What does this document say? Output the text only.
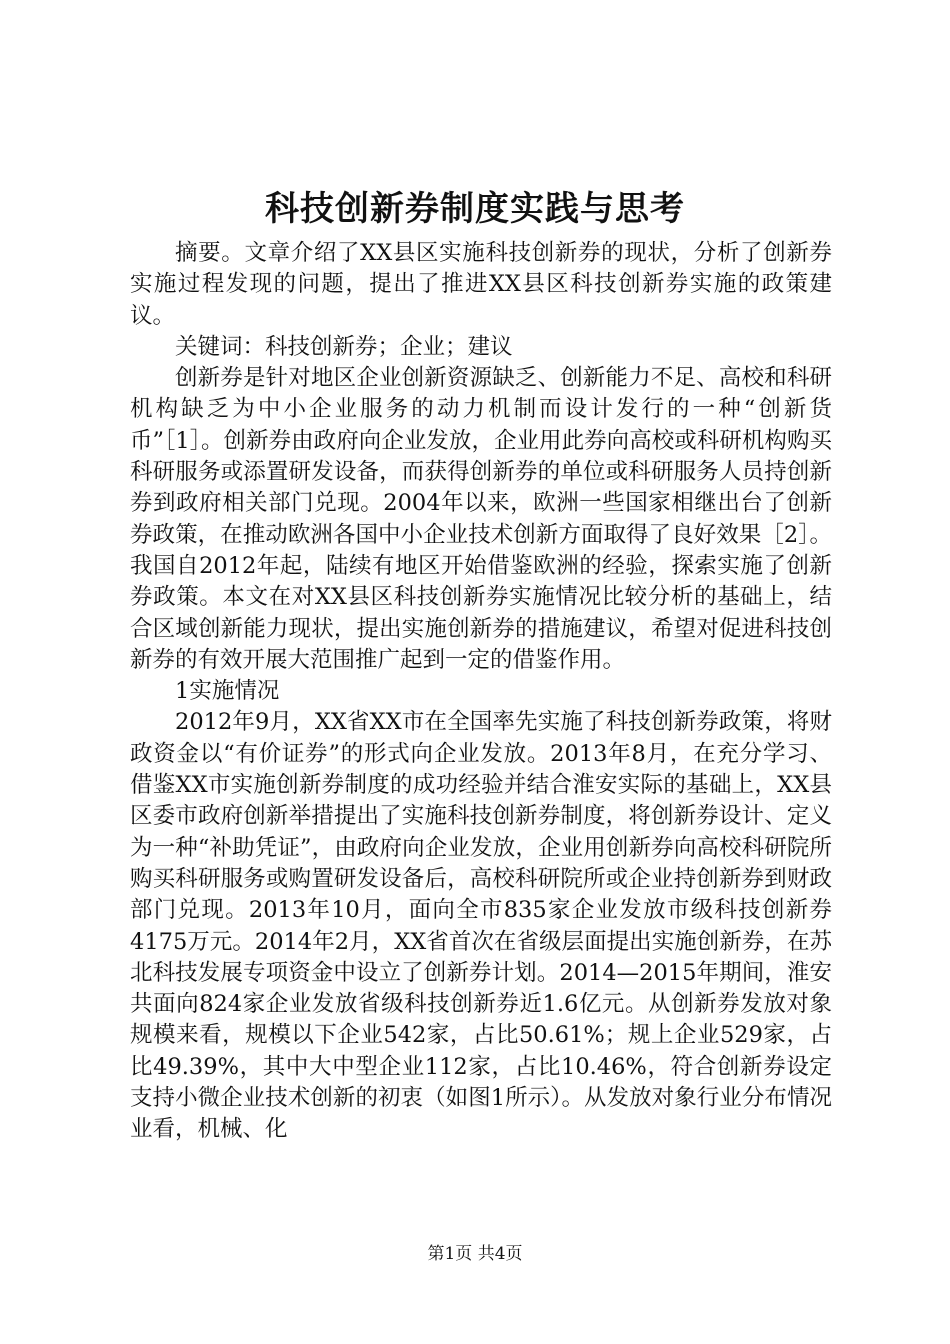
科技创新券制度实践与思考

摘要。文章介绍了XX县区实施科技创新券的现状，分析了创新券实施过程发现的问题，提出了推进XX县区科技创新券实施的政策建议。

关键词：科技创新券；企业；建议

创新券是针对地区企业创新资源缺乏、创新能力不足、高校和科研机构缺乏为中小企业服务的动力机制而设计发行的一种“创新货币”［1］。创新券由政府向企业发放，企业用此券向高校或科研机构购买科研服务或添置研发设备，而获得创新券的单位或科研服务人员持创新券到政府相关部门兑现。2004年以来，欧洲一些国家相继出台了创新券政策，在推动欧洲各国中小企业技术创新方面取得了良好效果［2］。我国自2012年起，陆续有地区开始借鉴欧洲的经验，探索实施了创新券政策。本文在对XX县区科技创新券实施情况比较分析的基础上，结合区域创新能力现状，提出实施创新券的措施建议，希望对促进科技创新券的有效开展大范围推广起到一定的借鉴作用。

1实施情况

2012年9月，XX省XX市在全国率先实施了科技创新券政策，将财政资金以“有价证券”的形式向企业发放。2013年8月，在充分学习、借鉴XX市实施创新券制度的成功经验并结合淮安实际的基础上，XX县区委市政府创新举措提出了实施科技创新券制度，将创新券设计、定义为一种“补助凭证”，由政府向企业发放，企业用创新券向高校科研院所购买科研服务或购置研发设备后，高校科研院所或企业持创新券到财政部门兑现。2013年10月，面向全市835家企业发放市级科技创新券4175万元。2014年2月，XX省首次在省级层面提出实施创新券，在苏北科技发展专项资金中设立了创新券计划。2014—2015年期间，淮安共面向824家企业发放省级科技创新券近1.6亿元。从创新券发放对象规模来看，规模以下企业542家，占比50.61%；规上企业529家，占比49.39%，其中大中型企业112家，占比10.46%，符合创新券设定支持小微企业技术创新的初衷（如图1所示）。从发放对象行业分布情况业看，机械、化

第1页 共4页
